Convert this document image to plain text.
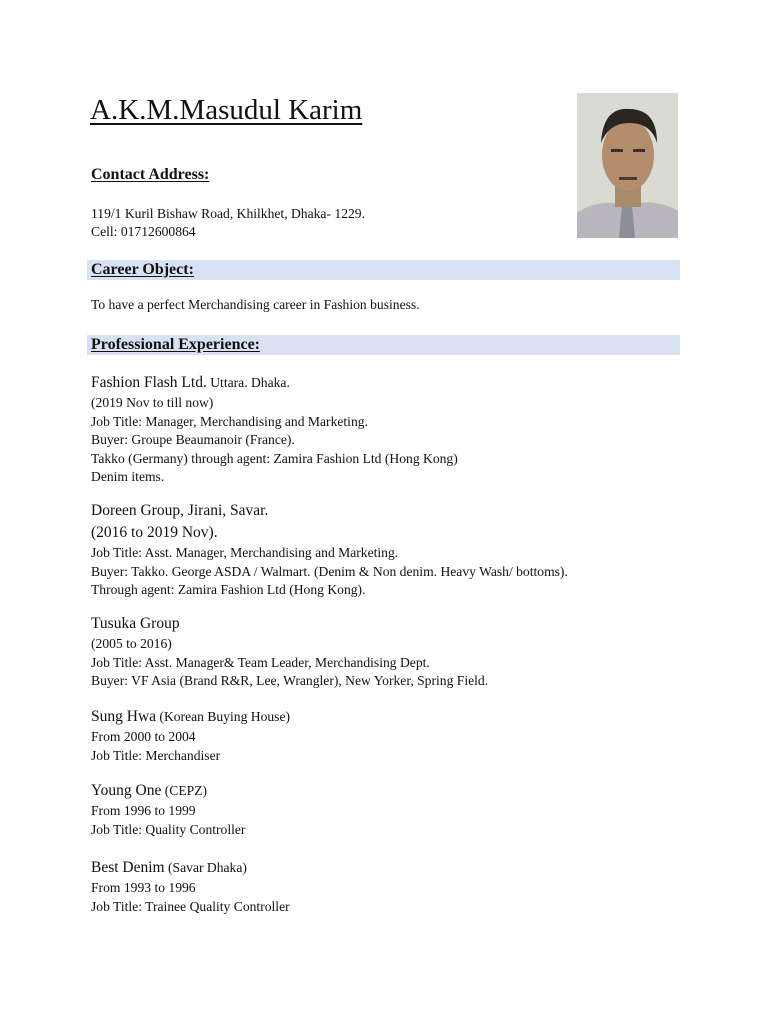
A.K.M.Masudul Karim
Contact Address:
119/1 Kuril Bishaw Road, Khilkhet, Dhaka- 1229.
Cell: 01712600864
Career Object:
To have a perfect Merchandising career in Fashion business.
Professional Experience:
Fashion Flash Ltd. Uttara. Dhaka.
(2019 Nov to till now)
Job Title: Manager, Merchandising and Marketing.
Buyer: Groupe Beaumanoir (France).
Takko (Germany) through agent: Zamira Fashion Ltd (Hong Kong)
Denim items.
Doreen Group, Jirani, Savar.
(2016 to 2019 Nov).
Job Title: Asst. Manager, Merchandising and Marketing.
Buyer: Takko. George ASDA / Walmart. (Denim & Non denim. Heavy Wash/ bottoms).
Through agent: Zamira Fashion Ltd (Hong Kong).
Tusuka Group
(2005 to 2016)
Job Title: Asst. Manager& Team Leader, Merchandising Dept.
Buyer: VF Asia (Brand R&R, Lee, Wrangler), New Yorker, Spring Field.
Sung Hwa (Korean Buying House)
From 2000 to 2004
Job Title: Merchandiser
Young One (CEPZ)
From 1996 to 1999
Job Title: Quality Controller
Best Denim (Savar Dhaka)
From 1993 to 1996
Job Title: Trainee Quality Controller
